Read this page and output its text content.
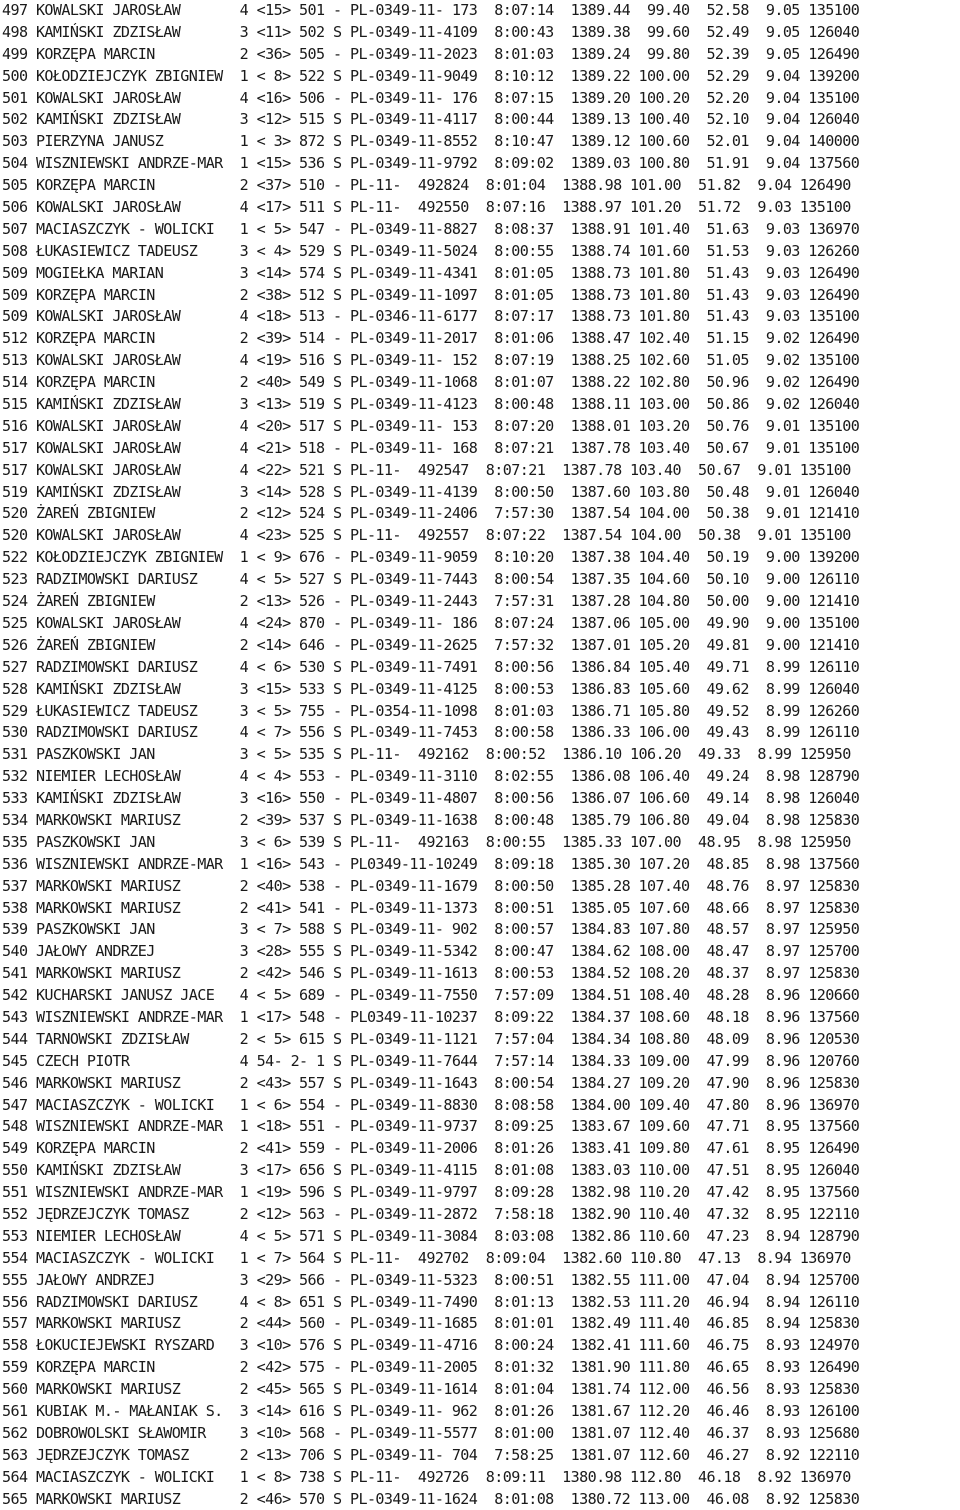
497 KOWALSKI JAROSŁAW       4 <15> 501 - PL-0349-11- 173  8:07:14  1389.44  99.40  52.58  9.05 135100
498 KAMIŃSKI ZDZISŁAW       3 <11> 502 S PL-0349-11-4109  8:00:43  1389.38  99.60  52.49  9.05 126040
499 KORZĘPA MARCIN          2 <36> 505 - PL-0349-11-2023  8:01:03  1389.24  99.80  52.39  9.05 126490
500 KOŁODZIEJCZYK ZBIGNIEW  1 < 8> 522 S PL-0349-11-9049  8:10:12  1389.22 100.00  52.29  9.04 139200
501 KOWALSKI JAROSŁAW       4 <16> 506 - PL-0349-11- 176  8:07:15  1389.20 100.20  52.20  9.04 135100
502 KAMIŃSKI ZDZISŁAW       3 <12> 515 S PL-0349-11-4117  8:00:44  1389.13 100.40  52.10  9.04 126040
503 PIERZYNA JANUSZ         1 < 3> 872 S PL-0349-11-8552  8:10:47  1389.12 100.60  52.01  9.04 140000
504 WISZNIEWSKI ANDRZE-MAR  1 <15> 536 S PL-0349-11-9792  8:09:02  1389.03 100.80  51.91  9.04 137560
505 KORZĘPA MARCIN          2 <37> 510 - PL-11-  492824  8:01:04  1388.98 101.00  51.82  9.04 126490
506 KOWALSKI JAROSŁAW       4 <17> 511 S PL-11-  492550  8:07:16  1388.97 101.20  51.72  9.03 135100
507 MACIASZCZYK - WOLICKI   1 < 5> 547 - PL-0349-11-8827  8:08:37  1388.91 101.40  51.63  9.03 136970
508 ŁUKASIEWICZ TADEUSZ     3 < 4> 529 S PL-0349-11-5024  8:00:55  1388.74 101.60  51.53  9.03 126260
509 MOGIEŁKA MARIAN         3 <14> 574 S PL-0349-11-4341  8:01:05  1388.73 101.80  51.43  9.03 126490
509 KORZĘPA MARCIN          2 <38> 512 S PL-0349-11-1097  8:01:05  1388.73 101.80  51.43  9.03 126490
509 KOWALSKI JAROSŁAW       4 <18> 513 - PL-0346-11-6177  8:07:17  1388.73 101.80  51.43  9.03 135100
512 KORZĘPA MARCIN          2 <39> 514 - PL-0349-11-2017  8:01:06  1388.47 102.40  51.15  9.02 126490
513 KOWALSKI JAROSŁAW       4 <19> 516 S PL-0349-11- 152  8:07:19  1388.25 102.60  51.05  9.02 135100
514 KORZĘPA MARCIN          2 <40> 549 S PL-0349-11-1068  8:01:07  1388.22 102.80  50.96  9.02 126490
515 KAMIŃSKI ZDZISŁAW       3 <13> 519 S PL-0349-11-4123  8:00:48  1388.11 103.00  50.86  9.02 126040
516 KOWALSKI JAROSŁAW       4 <20> 517 S PL-0349-11- 153  8:07:20  1388.01 103.20  50.76  9.01 135100
517 KOWALSKI JAROSŁAW       4 <21> 518 - PL-0349-11- 168  8:07:21  1387.78 103.40  50.67  9.01 135100
517 KOWALSKI JAROSŁAW       4 <22> 521 S PL-11-  492547  8:07:21  1387.78 103.40  50.67  9.01 135100
519 KAMIŃSKI ZDZISŁAW       3 <14> 528 S PL-0349-11-4139  8:00:50  1387.60 103.80  50.48  9.01 126040
520 ŻAREŃ ZBIGNIEW          2 <12> 524 S PL-0349-11-2406  7:57:30  1387.54 104.00  50.38  9.01 121410
520 KOWALSKI JAROSŁAW       4 <23> 525 S PL-11-  492557  8:07:22  1387.54 104.00  50.38  9.01 135100
522 KOŁODZIEJCZYK ZBIGNIEW  1 < 9> 676 - PL-0349-11-9059  8:10:20  1387.38 104.40  50.19  9.00 139200
523 RADZIMOWSKI DARIUSZ     4 < 5> 527 S PL-0349-11-7443  8:00:54  1387.35 104.60  50.10  9.00 126110
524 ŻAREŃ ZBIGNIEW          2 <13> 526 - PL-0349-11-2443  7:57:31  1387.28 104.80  50.00  9.00 121410
525 KOWALSKI JAROSŁAW       4 <24> 870 - PL-0349-11- 186  8:07:24  1387.06 105.00  49.90  9.00 135100
526 ŻAREŃ ZBIGNIEW          2 <14> 646 - PL-0349-11-2625  7:57:32  1387.01 105.20  49.81  9.00 121410
527 RADZIMOWSKI DARIUSZ     4 < 6> 530 S PL-0349-11-7491  8:00:56  1386.84 105.40  49.71  8.99 126110
528 KAMIŃSKI ZDZISŁAW       3 <15> 533 S PL-0349-11-4125  8:00:53  1386.83 105.60  49.62  8.99 126040
529 ŁUKASIEWICZ TADEUSZ     3 < 5> 755 - PL-0354-11-1098  8:01:03  1386.71 105.80  49.52  8.99 126260
530 RADZIMOWSKI DARIUSZ     4 < 7> 556 S PL-0349-11-7453  8:00:58  1386.33 106.00  49.43  8.99 126110
531 PASZKOWSKI JAN          3 < 5> 535 S PL-11-  492162  8:00:52  1386.10 106.20  49.33  8.99 125950
532 NIEMIER LECHOSŁAW       4 < 4> 553 - PL-0349-11-3110  8:02:55  1386.08 106.40  49.24  8.98 128790
533 KAMIŃSKI ZDZISŁAW       3 <16> 550 - PL-0349-11-4807  8:00:56  1386.07 106.60  49.14  8.98 126040
534 MARKOWSKI MARIUSZ       2 <39> 537 S PL-0349-11-1638  8:00:48  1385.79 106.80  49.04  8.98 125830
535 PASZKOWSKI JAN          3 < 6> 539 S PL-11-  492163  8:00:55  1385.33 107.00  48.95  8.98 125950
536 WISZNIEWSKI ANDRZE-MAR  1 <16> 543 - PL0349-11-10249  8:09:18  1385.30 107.20  48.85  8.98 137560
537 MARKOWSKI MARIUSZ       2 <40> 538 - PL-0349-11-1679  8:00:50  1385.28 107.40  48.76  8.97 125830
538 MARKOWSKI MARIUSZ       2 <41> 541 - PL-0349-11-1373  8:00:51  1385.05 107.60  48.66  8.97 125830
539 PASZKOWSKI JAN          3 < 7> 588 S PL-0349-11- 902  8:00:57  1384.83 107.80  48.57  8.97 125950
540 JAŁOWY ANDRZEJ          3 <28> 555 S PL-0349-11-5342  8:00:47  1384.62 108.00  48.47  8.97 125700
541 MARKOWSKI MARIUSZ       2 <42> 546 S PL-0349-11-1613  8:00:53  1384.52 108.20  48.37  8.97 125830
542 KUCHARSKI JANUSZ JACE   4 < 5> 689 - PL-0349-11-7550  7:57:09  1384.51 108.40  48.28  8.96 120660
543 WISZNIEWSKI ANDRZE-MAR  1 <17> 548 - PL0349-11-10237  8:09:22  1384.37 108.60  48.18  8.96 137560
544 TARNOWSKI ZDZISŁAW      2 < 5> 615 S PL-0349-11-1121  7:57:04  1384.34 108.80  48.09  8.96 120530
545 CZECH PIOTR             4 54- 2- 1 S PL-0349-11-7644  7:57:14  1384.33 109.00  47.99  8.96 120760
546 MARKOWSKI MARIUSZ       2 <43> 557 S PL-0349-11-1643  8:00:54  1384.27 109.20  47.90  8.96 125830
547 MACIASZCZYK - WOLICKI   1 < 6> 554 - PL-0349-11-8830  8:08:58  1384.00 109.40  47.80  8.96 136970
548 WISZNIEWSKI ANDRZE-MAR  1 <18> 551 - PL-0349-11-9737  8:09:25  1383.67 109.60  47.71  8.95 137560
549 KORZĘPA MARCIN          2 <41> 559 - PL-0349-11-2006  8:01:26  1383.41 109.80  47.61  8.95 126490
550 KAMIŃSKI ZDZISŁAW       3 <17> 656 S PL-0349-11-4115  8:01:08  1383.03 110.00  47.51  8.95 126040
551 WISZNIEWSKI ANDRZE-MAR  1 <19> 596 S PL-0349-11-9797  8:09:28  1382.98 110.20  47.42  8.95 137560
552 JĘDRZEJCZYK TOMASZ      2 <12> 563 - PL-0349-11-2872  7:58:18  1382.90 110.40  47.32  8.95 122110
553 NIEMIER LECHOSŁAW       4 < 5> 571 S PL-0349-11-3084  8:03:08  1382.86 110.60  47.23  8.94 128790
554 MACIASZCZYK - WOLICKI   1 < 7> 564 S PL-11-  492702  8:09:04  1382.60 110.80  47.13  8.94 136970
555 JAŁOWY ANDRZEJ          3 <29> 566 - PL-0349-11-5323  8:00:51  1382.55 111.00  47.04  8.94 125700
556 RADZIMOWSKI DARIUSZ     4 < 8> 651 S PL-0349-11-7490  8:01:13  1382.53 111.20  46.94  8.94 126110
557 MARKOWSKI MARIUSZ       2 <44> 560 - PL-0349-11-1685  8:01:01  1382.49 111.40  46.85  8.94 125830
558 ŁOKUCIEJEWSKI RYSZARD   3 <10> 576 S PL-0349-11-4716  8:00:24  1382.41 111.60  46.75  8.93 124970
559 KORZĘPA MARCIN          2 <42> 575 - PL-0349-11-2005  8:01:32  1381.90 111.80  46.65  8.93 126490
560 MARKOWSKI MARIUSZ       2 <45> 565 S PL-0349-11-1614  8:01:04  1381.74 112.00  46.56  8.93 125830
561 KUBIAK M.- MAŁANIAK S.  3 <14> 616 S PL-0349-11- 962  8:01:26  1381.67 112.20  46.46  8.93 126100
562 DOBROWOLSKI SŁAWOMIR    3 <10> 568 - PL-0349-11-5577  8:01:00  1381.07 112.40  46.37  8.93 125680
563 JĘDRZEJCZYK TOMASZ      2 <13> 706 S PL-0349-11- 704  7:58:25  1381.07 112.60  46.27  8.92 122110
564 MACIASZCZYK - WOLICKI   1 < 8> 738 S PL-11-  492726  8:09:11  1380.98 112.80  46.18  8.92 136970
565 MARKOWSKI MARIUSZ       2 <46> 570 S PL-0349-11-1624  8:01:08  1380.72 113.00  46.08  8.92 125830
